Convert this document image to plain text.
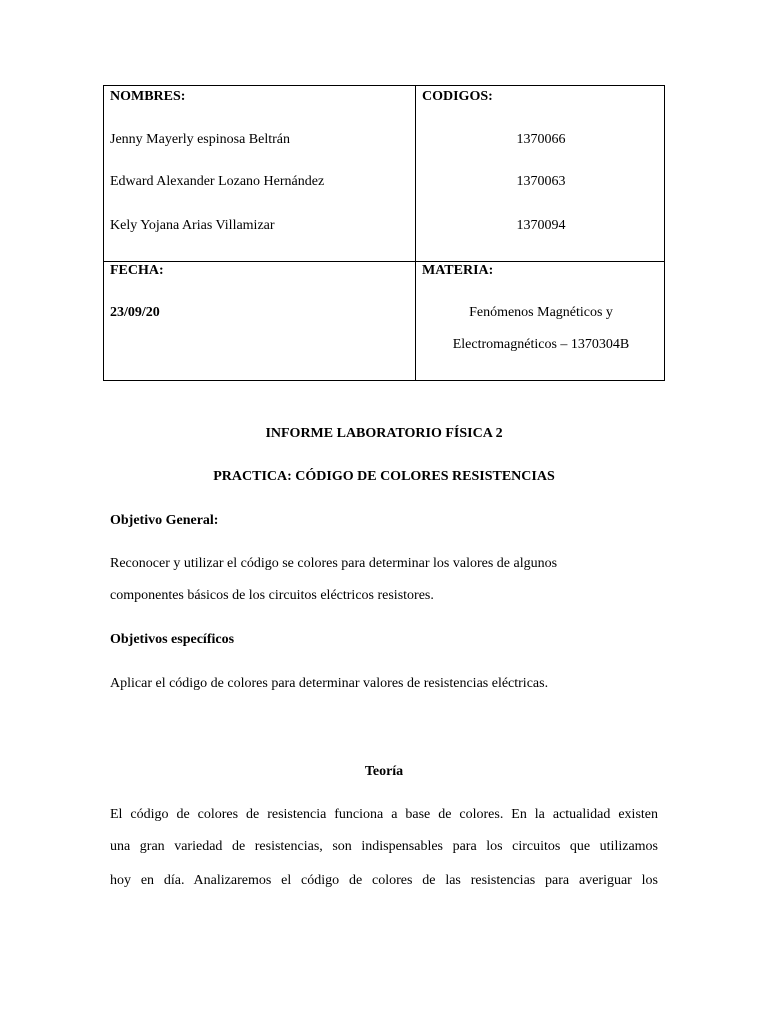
NOMBRES:	CODIGOS:
Jenny Mayerly espinosa Beltrán	1370066
Edward Alexander Lozano Hernández	1370063
Kely Yojana Arias Villamizar	1370094
FECHA:	MATERIA:
23/09/20	Fenómenos Magnéticos y
Electromagnéticos – 1370304B
INFORME LABORATORIO FÍSICA 2
PRACTICA: CÓDIGO DE COLORES RESISTENCIAS
Objetivo General:
Reconocer y utilizar el código se colores para determinar los valores de algunos
componentes básicos de los circuitos eléctricos resistores.
Objetivos específicos
Aplicar el código de colores para determinar valores de resistencias eléctricas.
Teoría
El código de colores de resistencia funciona a base de colores. En la actualidad existen
una gran variedad de resistencias, son indispensables para los circuitos que utilizamos
hoy en día. Analizaremos el código de colores de las resistencias para averiguar los
